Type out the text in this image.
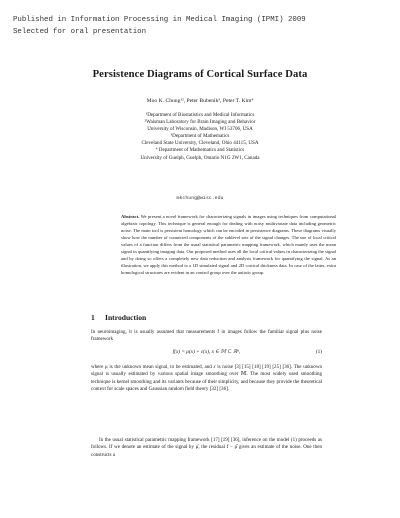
Published in Information Processing in Medical Imaging (IPMI) 2009
Selected for oral presentation
Persistence Diagrams of Cortical Surface Data
Moo K. Chung¹², Peter Bubenik³, Peter T. Kim⁴
¹Department of Biostatistics and Medical Informatics
²Waisman Laboratory for Brain Imaging and Behavior
University of Wisconsin, Madison, WI 53706, USA
³Department of Mathematics
Cleveland State University, Cleveland, Ohio 44115, USA
⁴ Department of Mathematics and Statistics
University of Guelph, Guelph, Ontario N1G 2W1, Canada
mkchung@wisc.edu
Abstract. We present a novel framework for characterizing signals in images using techniques from computational algebraic topology. This technique is general enough for dealing with noisy multivariate data including geometric noise. The main tool is persistent homology which can be encoded in persistence diagrams. These diagrams visually show how the number of connected components of the sublevel sets of the signal changes. The use of local critical values of a function differs from the usual statistical parametric mapping framework, which mainly uses the mean signal in quantifying imaging data. Our proposed method uses all the local critical values in characterizing the signal and by doing so offers a completely new data reduction and analysis framework for quantifying the signal. As an illustration, we apply this method to a 1D simulated signal and 2D cortical thickness data. In case of the latter, extra homological structures are evident in an control group over the autistic group.
1 Introduction
In neuroimaging, it is usually assumed that measurements f in images follow the familiar signal plus noise framework
f(x) = μ(x) + ε(x), x ∈ 𝕄 ⊂ ℝᵈ,	(1)
where μ is the unknown mean signal, to be estimated, and ε is noise [3] [15] [18] [19] [25] [36]. The unknown signal is usually estimated by various spatial image smoothing over 𝕄. The most widely used smoothing technique is kernel smoothing and its variants because of their simplicity, and because they provide the theoretical context for scale spaces and Gaussian random field theory [32] [36].
In the usual statistical parametric mapping framework [17] [19] [36], inference on the model (1) proceeds as follows. If we denote an estimate of the signal by μ̂, the residual f − μ̂ gives an estimate of the noise. One then constructs a
